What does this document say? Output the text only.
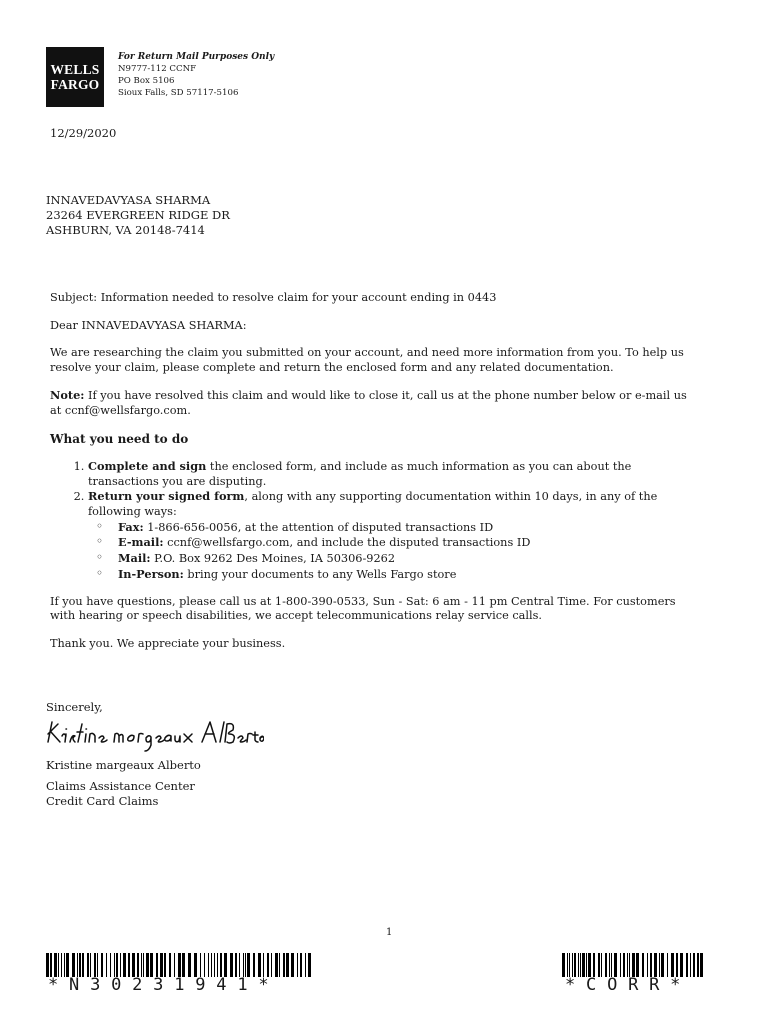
WELLS
FARGO
For Return Mail Purposes Only
N9777-112 CCNF
PO Box 5106
Sioux Falls, SD 57117-5106
12/29/2020
INNAVEDAVYASA SHARMA
23264 EVERGREEN RIDGE DR
ASHBURN, VA 20148-7414

Subject: Information needed to resolve claim for your account ending in 0443

Dear INNAVEDAVYASA SHARMA:

We are researching the claim you submitted on your account, and need more information from you. To help us resolve your claim, please complete and return the enclosed form and any related documentation.

Note: If you have resolved this claim and would like to close it, call us at the phone number below or e-mail us at ccnf@wellsfargo.com.

What you need to do

1. Complete and sign the enclosed form, and include as much information as you can about the transactions you are disputing.
2. Return your signed form, along with any supporting documentation within 10 days, in any of the following ways:
◦ Fax: 1-866-656-0056, at the attention of disputed transactions ID
◦ E-mail: ccnf@wellsfargo.com, and include the disputed transactions ID
◦ Mail: P.O. Box 9262 Des Moines, IA 50306-9262
◦ In-Person: bring your documents to any Wells Fargo store

If you have questions, please call us at 1-800-390-0533, Sun - Sat: 6 am - 11 pm Central Time. For customers with hearing or speech disabilities, we accept telecommunications relay service calls.

Thank you. We appreciate your business.

Sincerely,
Kristine margeaux Alberto
Claims Assistance Center
Credit Card Claims
1
*N30231941*	*CORR*
